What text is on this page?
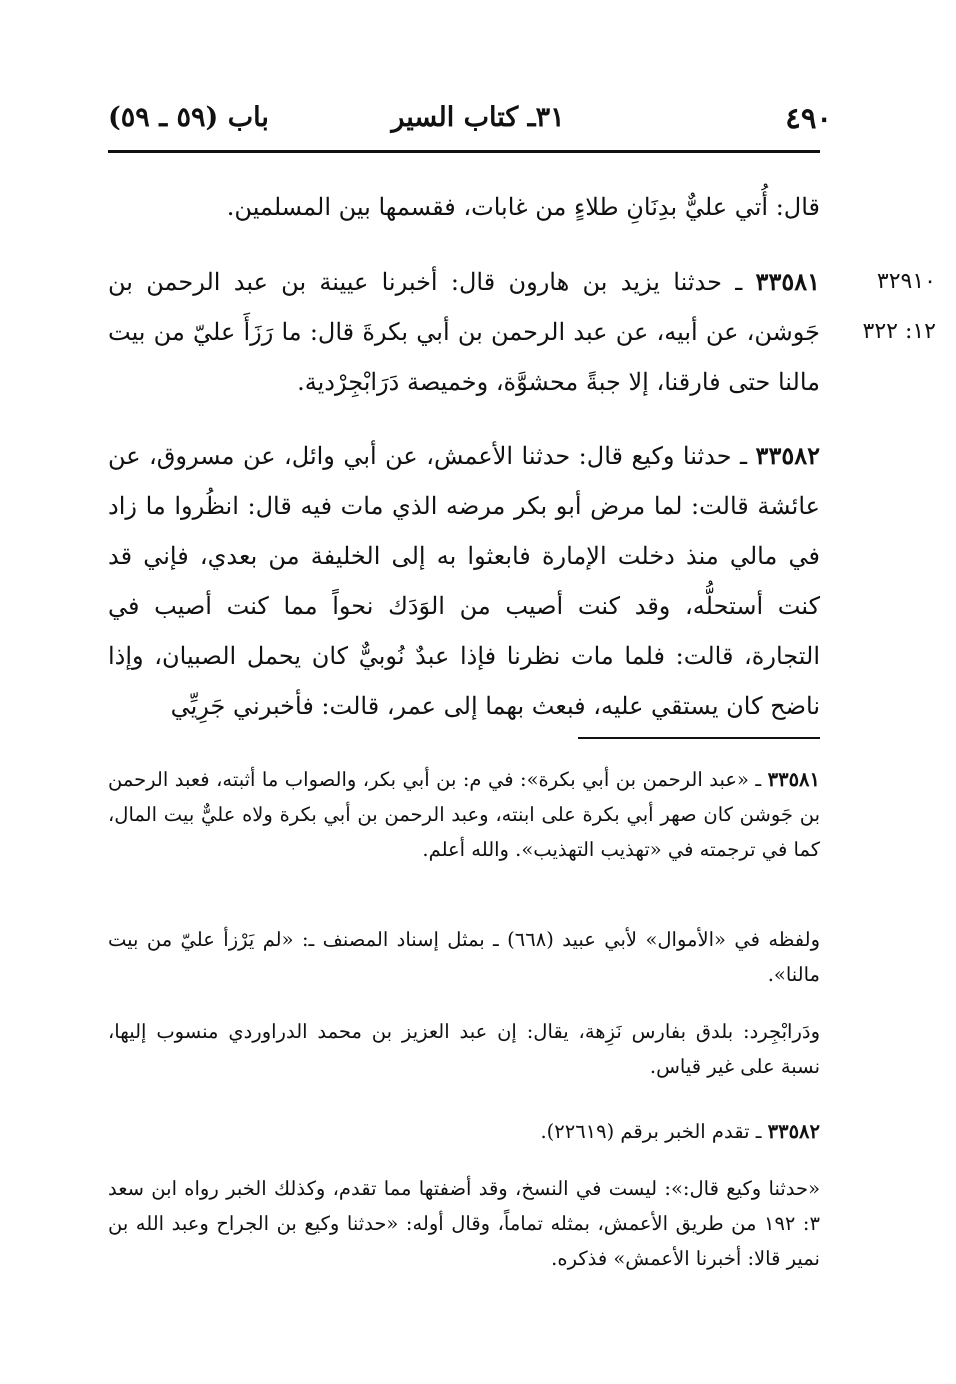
٤٩٠
٣١ـ كتاب السير
باب (٥٩ ـ ٥٩)

قال: أُتي عليٌّ بدِنَانِ طلاءٍ من غابات، فقسمها بين المسلمين.

٣٢٩١٠
١٢: ٣٢٢

٣٣٥٨١ ـ حدثنا يزيد بن هارون قال: أخبرنا عيينة بن عبد الرحمن بن جَوشن، عن أبيه، عن عبد الرحمن بن أبي بكرةَ قال: ما رَزَأَ عليّ من بيت مالنا حتى فارقنا، إلا جبةً محشوَّة، وخميصة دَرَابْجِرْدية.

٣٣٥٨٢ ـ حدثنا وكيع قال: حدثنا الأعمش، عن أبي وائل، عن مسروق، عن عائشة قالت: لما مرض أبو بكر مرضه الذي مات فيه قال: انظُروا ما زاد في مالي منذ دخلت الإمارة فابعثوا به إلى الخليفة من بعدي، فإني قد كنت أستحلُّه، وقد كنت أصيب من الوَدَك نحواً مما كنت أصيب في التجارة، قالت: فلما مات نظرنا فإذا عبدٌ نُوبيٌّ كان يحمل الصبيان، وإذا ناضح كان يستقي عليه، فبعث بهما إلى عمر، قالت: فأخبرني جَرِيِّي

٣٣٥٨١ ـ «عبد الرحمن بن أبي بكرة»: في م: بن أبي بكر، والصواب ما أثبته، فعبد الرحمن بن جَوشن كان صهر أبي بكرة على ابنته، وعبد الرحمن بن أبي بكرة ولاه عليٌّ بيت المال، كما في ترجمته في «تهذيب التهذيب». والله أعلم.

ولفظه في «الأموال» لأبي عبيد (٦٦٨) ـ بمثل إسناد المصنف ـ: «لم يَرْزأ عليّ من بيت مالنا».

ودَرابْجِرد: بلدق بفارس نَزِهة، يقال: إن عبد العزيز بن محمد الدراوردي منسوب إليها، نسبة على غير قياس.

٣٣٥٨٢ ـ تقدم الخبر برقم (٢٢٦١٩).

«حدثنا وكيع قال:»: ليست في النسخ، وقد أضفتها مما تقدم، وكذلك الخبر رواه ابن سعد ٣: ١٩٢ من طريق الأعمش، بمثله تماماً، وقال أوله: «حدثنا وكيع بن الجراح وعبد الله بن نمير قالا: أخبرنا الأعمش» فذكره.
